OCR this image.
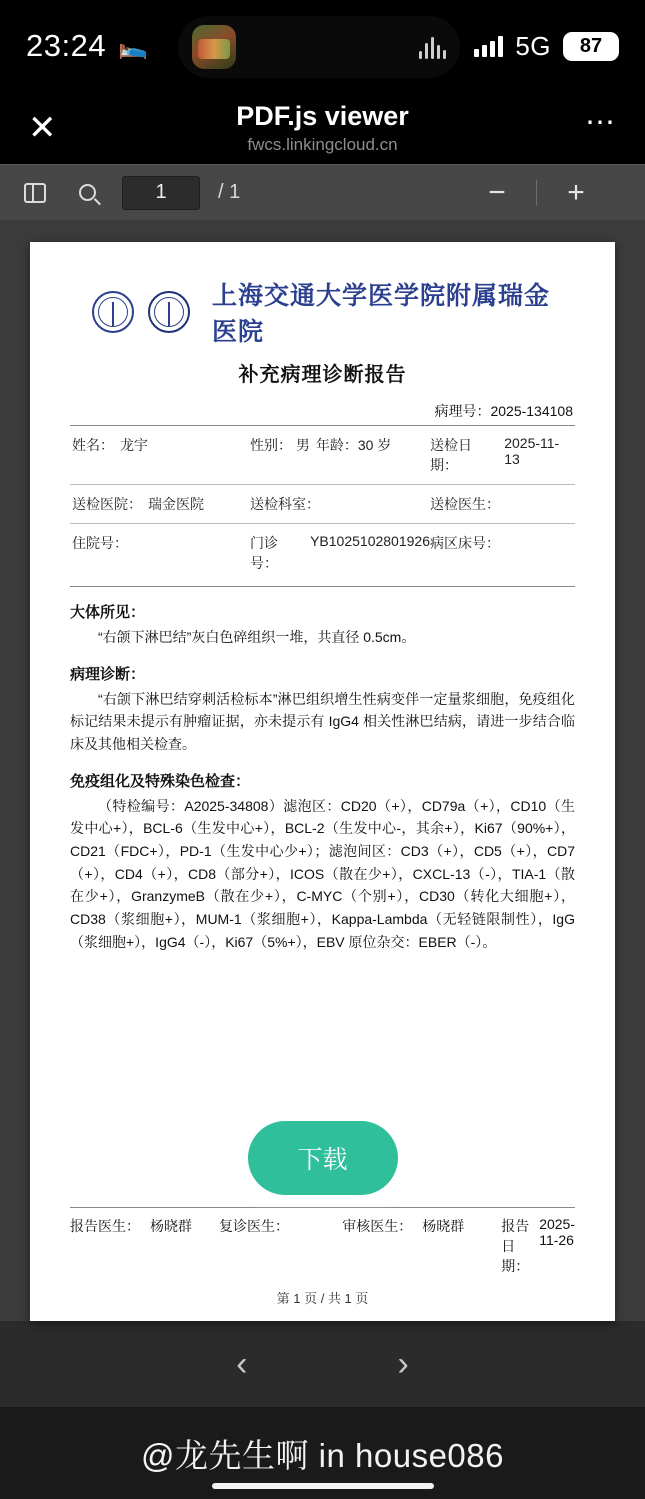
23:24 🛌	5G	87
✕	PDF.js viewer
fwcs.linkingcloud.cn
⋯
1
/ 1	− +
上海交通大学医学院附属瑞金医院
补充病理诊断报告
病理号：2025-134108
姓名： 龙宇	性别： 男 年龄：30 岁	送检日期：
2025-11-13
送检医院： 瑞金医院	送检科室：	送检医生：
住院号：	门诊号：
YB1025102801926 病区床号：
大体所见：
“右颌下淋巴结”灰白色碎组织一堆，共直径 0.5cm。
病理诊断：
“右颌下淋巴结穿刺活检标本”淋巴组织增生性病变伴一定量浆细胞，免疫组化标记结果未提示有肿瘤证据，亦未提示有 IgG4 相关性淋巴结病，请进一步结合临床及其他相关检查。
免疫组化及特殊染色检查：
（特检编号：A2025-34808）滤泡区：CD20（+），CD79a（+），CD10（生发中心+），BCL-6（生发中心+），BCL-2（生发中心-，其余+），Ki67（90%+），CD21（FDC+），PD-1（生发中心少+）；滤泡间区：CD3（+），CD5（+），CD7（+），CD4（+），CD8（部分+），ICOS（散在少+），CXCL-13（-），TIA-1（散在少+），GranzymeB（散在少+），C-MYC（个别+），CD30（转化大细胞+），CD38（浆细胞+），MUM-1（浆细胞+），Kappa-Lambda（无轻链限制性），IgG（浆细胞+），IgG4（-），Ki67（5%+），EBV 原位杂交：EBER（-）。
报告医生： 杨晓群 复诊医生：	审核医生： 杨晓群	报告日期：
2025-11-26
第 1 页 / 共 1 页
下载
‹	›
@龙先生啊 in house086
